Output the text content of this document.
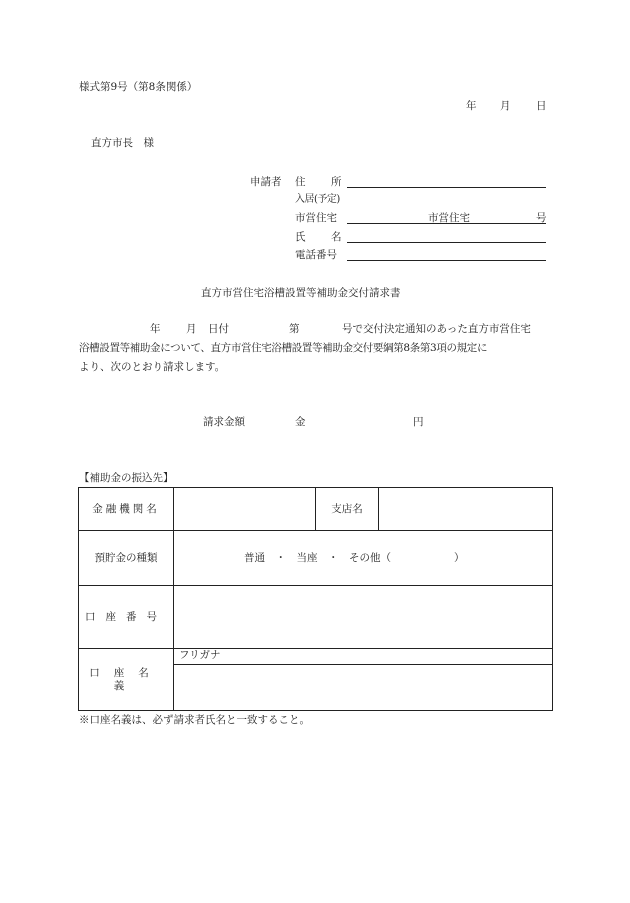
様式第9号（第8条関係）
年 月 日
直方市長　様
申請者 住 所
入居(予定)
市営住宅	市営住宅	号
氏 名
電話番号
直方市営住宅浴槽設置等補助金交付請求書
年 月 日付	第	号で交付決定通知のあった直方市営住宅
浴槽設置等補助金について、直方市営住宅浴槽設置等補助金交付要綱第8条第3項の規定に
より、次のとおり請求します。
請求金額	金	円
【補助金の振込先】
金融機関名		支店名	
預貯金の種類	普通　・　当座　・　その他（　　　　　　）		
口座番号			
口座名義	フリガナ		

※口座名義は、必ず請求者氏名と一致すること。
